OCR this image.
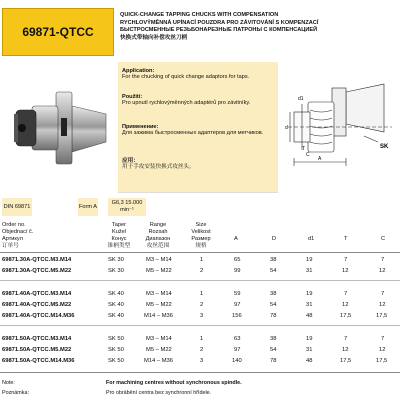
69871-QTCC
QUICK-CHANGE TAPPING CHUCKS WITH COMPENSATION
RYCHLOVÝMĚNNÁ UPÍNACÍ POUZDRA PRO ZÁVITOVÁNÍ S KOMPENZACÍ
БЫСТРОСМЕННЫЕ РЕЗЬБОНАРЕЗНЫЕ ПАТРОНЫ С КОМПЕНСАЦИЕЙ
快换式带轴向补偿攻丝刀柄

Application:

For the chucking of quick change adaptors for taps.

Použití:

Pro upnutí rychlovýměnných adaptérů pro závitníky.

Применение:

Для зажима быстросменных адаптеров для метчиков.

应用：

用于手攻安装快换式攻丝头。

d
d1
A
T
C
SK
DIN 69871	Form A
G6,3 15.000 min⁻¹
Order no.
Objednací č.
Артикул
订单号
Taper
Kužel
Конус
锥柄类型
Range
Rozsah
Диапазон
攻丝范围
Size
Velikost
Размер
规格
A	D	d1	T	C
69871.30A-QTCC.M3.M14	SK 30	M3 – M14	1	65	38	19	7	7
69871.30A-QTCC.M5.M22	SK 30	M5 – M22	2	99	54	31	12	12
69871.40A-QTCC.M3.M14	SK 40	M3 – M14	1	59	38	19	7	7
69871.40A-QTCC.M5.M22	SK 40	M5 – M22	2	97	54	31	12	12
69871.40A-QTCC.M14.M36	SK 40	M14 – M36	3	156	78	48	17,5	17,5
69871.50A-QTCC.M3.M14	SK 50	M3 – M14	1	63	38	19	7	7
69871.50A-QTCC.M5.M22	SK 50	M5 – M22	2	97	54	31	12	12
69871.50A-QTCC.M14.M36	SK 50	M14 – M36	3	140	78	48	17,5	17,5
Note:	For machining centres without synchronous spindle.
Poznámka:	Pro obrábění centra bez synchronní hřídele.
